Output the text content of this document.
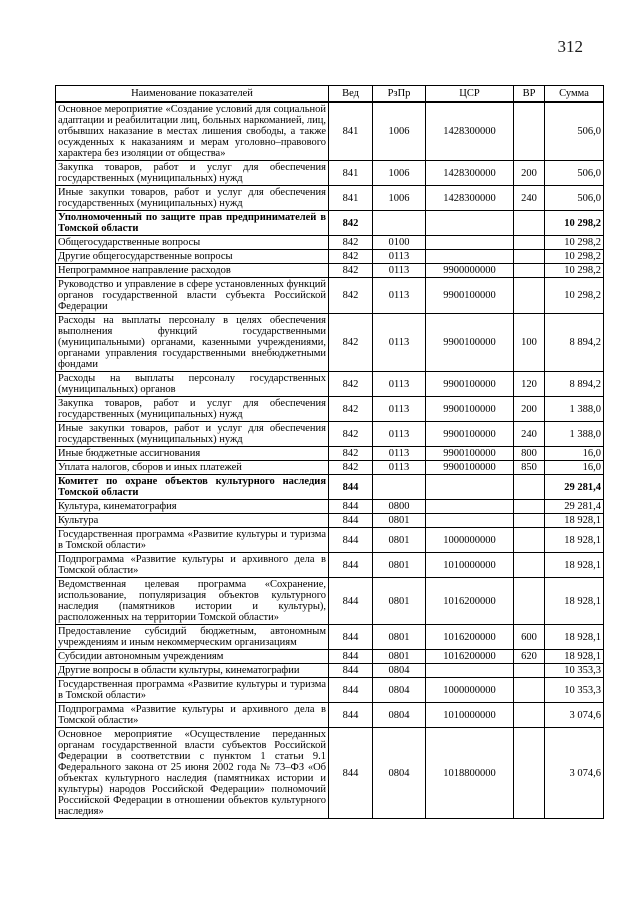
312
Наименование показателей	Вед	РзПр	ЦСР	ВР	Сумма
Основное мероприятие «Создание условий для социальной адаптации и реабилитации лиц, больных наркоманией, лиц, отбывших наказание в местах лишения свободы, а также осужденных к наказаниям и мерам уголовно–правового характера без изоляции от общества»	841	1006	1428300000		506,0
Закупка товаров, работ и услуг для обеспечения государственных (муниципальных) нужд	841	1006	1428300000	200	506,0
Иные закупки товаров, работ и услуг для обеспечения государственных (муниципальных) нужд	841	1006	1428300000	240	506,0
Уполномоченный по защите прав предпринимателей в Томской области	842				10 298,2
Общегосударственные вопросы	842	0100			10 298,2
Другие общегосударственные вопросы	842	0113			10 298,2
Непрограммное направление расходов	842	0113	9900000000		10 298,2
Руководство и управление в сфере установленных функций органов государственной власти субъекта Российской Федерации	842	0113	9900100000		10 298,2
Расходы на выплаты персоналу в целях обеспечения выполнения функций государственными (муниципальными) органами, казенными учреждениями, органами управления государственными внебюджетными фондами	842	0113	9900100000	100	8 894,2
Расходы на выплаты персоналу государственных (муниципальных) органов	842	0113	9900100000	120	8 894,2
Закупка товаров, работ и услуг для обеспечения государственных (муниципальных) нужд	842	0113	9900100000	200	1 388,0
Иные закупки товаров, работ и услуг для обеспечения государственных (муниципальных) нужд	842	0113	9900100000	240	1 388,0
Иные бюджетные ассигнования	842	0113	9900100000	800	16,0
Уплата налогов, сборов и иных платежей	842	0113	9900100000	850	16,0
Комитет по охране объектов культурного наследия Томской области	844				29 281,4
Культура, кинематография	844	0800			29 281,4
Культура	844	0801			18 928,1
Государственная программа «Развитие культуры и туризма в Томской области»	844	0801	1000000000		18 928,1
Подпрограмма «Развитие культуры и архивного дела в Томской области»	844	0801	1010000000		18 928,1
Ведомственная целевая программа «Сохранение, использование, популяризация объектов культурного наследия (памятников истории и культуры), расположенных на территории Томской области»	844	0801	1016200000		18 928,1
Предоставление субсидий бюджетным, автономным учреждениям и иным некоммерческим организациям	844	0801	1016200000	600	18 928,1
Субсидии автономным учреждениям	844	0801	1016200000	620	18 928,1
Другие вопросы в области культуры, кинематографии	844	0804			10 353,3
Государственная программа «Развитие культуры и туризма в Томской области»	844	0804	1000000000		10 353,3
Подпрограмма «Развитие культуры и архивного дела в Томской области»	844	0804	1010000000		3 074,6
Основное мероприятие «Осуществление переданных органам государственной власти субъектов Российской Федерации в соответствии с пунктом 1 статьи 9.1 Федерального закона от 25 июня 2002 года № 73–ФЗ «Об объектах культурного наследия (памятниках истории и культуры) народов Российской Федерации» полномочий Российской Федерации в отношении объектов культурного наследия»	844	0804	1018800000		3 074,6
